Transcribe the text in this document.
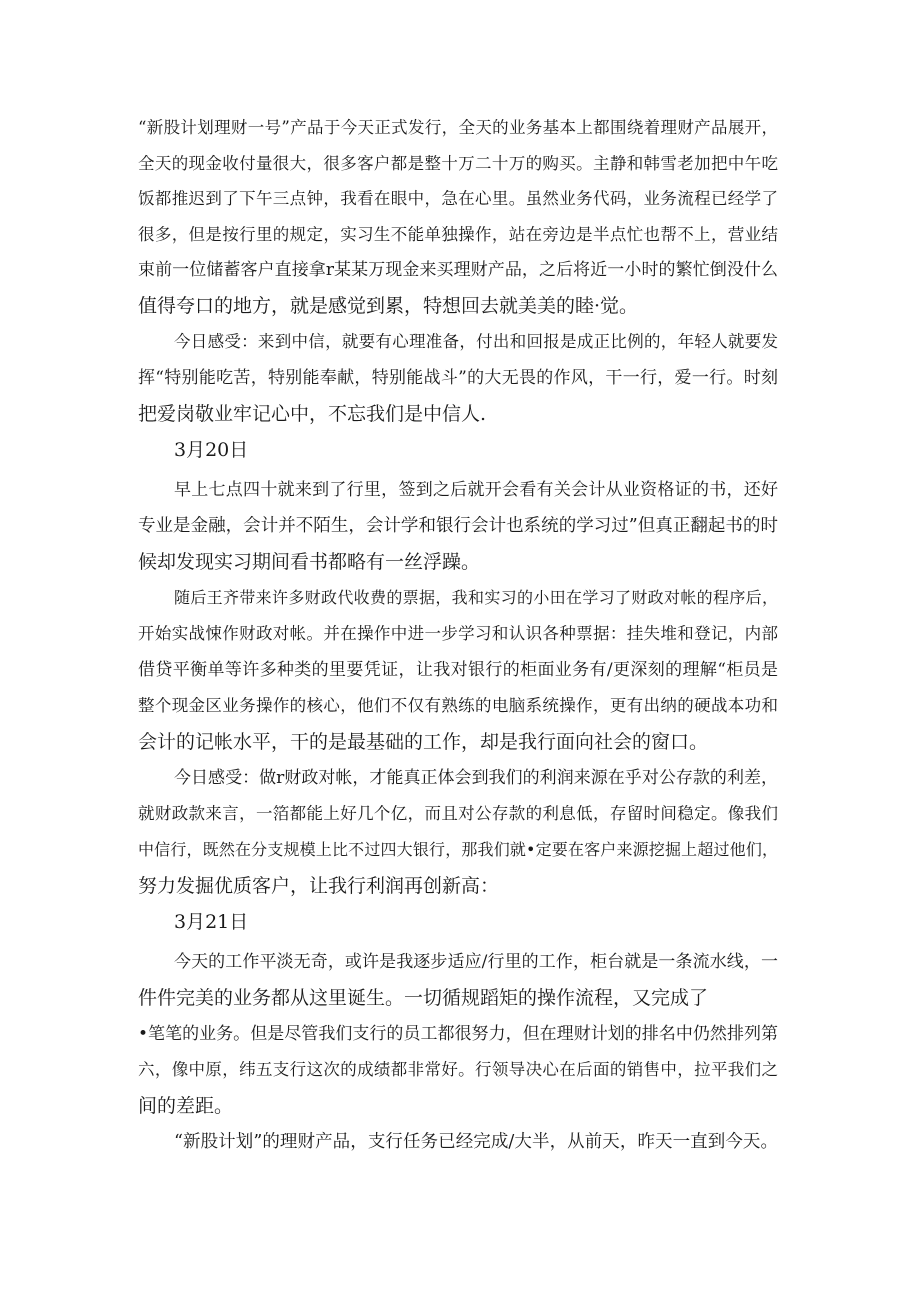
“新股计划理财一号”产品于今天正式发行，全天的业务基本上都围绕着理财产品展开，
全天的现金收付量很大，很多客户都是整十万二十万的购买。主静和韩雪老加把中午吃
饭都推迟到了下午三点钟，我看在眼中，急在心里。虽然业务代码，业务流程已经学了
很多，但是按行里的规定，实习生不能单独操作，站在旁边是半点忙也帮不上，营业结
束前一位储蓄客户直接拿r某某万现金来买理财产品，之后将近一小时的繁忙倒没什么
值得夸口的地方，就是感觉到累，特想回去就美美的睦·觉。
今日感受：来到中信，就要有心理准备，付出和回报是成正比例的，年轻人就要发
挥“特别能吃苦，特别能奉献，特别能战斗”的大无畏的作风，干一行，爱一行。时刻
把爱岗敬业牢记心中，不忘我们是中信人.
3月20日
早上七点四十就来到了行里，签到之后就开会看有关会计从业资格证的书，还好
专业是金融，会计并不陌生，会计学和银行会计也系统的学习过”但真正翻起书的时
候却发现实习期间看书都略有一丝浮躁。
随后王齐带来许多财政代收费的票据，我和实习的小田在学习了财政对帐的程序后，
开始实战悚作财政对帐。并在操作中进一步学习和认识各种票据：挂失堆和登记，内部
借贷平衡单等许多种类的里要凭证，让我对银行的柜面业务有/更深刻的理解“柜员是
整个现金区业务操作的核心，他们不仅有熟练的电脑系统操作，更有出纳的硬战本功和
会计的记帐水平，干的是最基础的工作，却是我行面向社会的窗口。
今日感受：做r财政对帐，才能真正体会到我们的利润来源在乎对公存款的利差，
就财政款来言，一箔都能上好几个亿，而且对公存款的利息低，存留时间稳定。像我们
中信行，既然在分支规模上比不过四大银行，那我们就•定要在客户来源挖掘上超过他们，
努力发掘优质客户，让我行利润再创新高：
3月21日
今天的工作平淡无奇，或许是我逐步适应/行里的工作，柜台就是一条流水线，一
件件完美的业务都从这里诞生。一切循规蹈矩的操作流程，又完成了
•笔笔的业务。但是尽管我们支行的员工都很努力，但在理财计划的排名中仍然排列第
六，像中原，纬五支行这次的成绩都非常好。行领导决心在后面的销售中，拉平我们之
间的差距。
“新股计划”的理财产品，支行任务已经完成/大半，从前天，昨天一直到今天。
